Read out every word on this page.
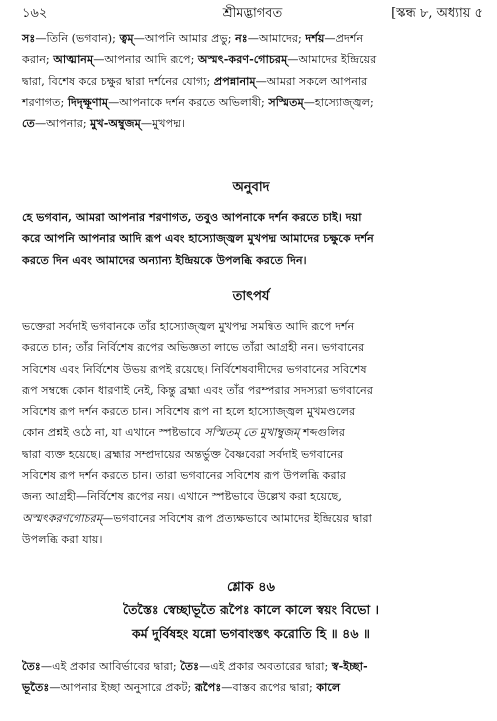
১৬২	শ্রীমদ্ভাগবত	[স্কন্ধ ৮, অধ্যায় ৫

সঃ—তিনি (ভগবান); ত্বম্—আপনি আমার প্রভু; নঃ—আমাদের; দর্শয়—প্রদর্শন

করান; আত্মানম্—আপনার আদি রূপে; অস্মৎ-করণ-গোচরম্—আমাদের ইন্দ্রিয়ের

দ্বারা, বিশেষ করে চক্ষুর দ্বারা দর্শনের যোগ্য; প্রপন্নানাম্—আমরা সকলে আপনার

শরণাগত; দিদৃক্ষূণাম্—আপনাকে দর্শন করতে অভিলাষী; সস্মিতম্—হাস্যোজ্জ্বল;

তে—আপনার; মুখ-অম্বুজম্—মুখপদ্ম।

অনুবাদ

হে ভগবান, আমরা আপনার শরণাগত, তবুও আপনাকে দর্শন করতে চাই। দয়া

করে আপনি আপনার আদি রূপ এবং হাস্যোজ্জ্বল মুখপদ্ম আমাদের চক্ষুকে দর্শন

করতে দিন এবং আমাদের অন্যান্য ইন্দ্রিয়কে উপলব্ধি করতে দিন।

তাৎপর্য

ভক্তেরা সর্বদাই ভগবানকে তাঁর হাস্যোজ্জ্বল মুখপদ্ম সমন্বিত আদি রূপে দর্শন

করতে চান; তাঁর নির্বিশেষ রূপের অভিজ্ঞতা লাভে তাঁরা আগ্রহী নন। ভগবানের

সবিশেষ এবং নির্বিশেষ উভয় রূপই রয়েছে। নির্বিশেষবাদীদের ভগবানের সবিশেষ

রূপ সম্বন্ধে কোন ধারণাই নেই, কিন্তু ব্রহ্মা এবং তাঁর পরম্পরার সদস্যরা ভগবানের

সবিশেষ রূপ দর্শন করতে চান। সবিশেষ রূপ না হলে হাস্যোজ্জ্বল মুখমণ্ডলের

কোন প্রশ্নই ওঠে না, যা এখানে স্পষ্টভাবে সস্মিতম্ তে মুখাম্বুজম্ শব্দগুলির

দ্বারা ব্যক্ত হয়েছে। ব্রহ্মার সম্প্রদায়ের অন্তর্ভুক্ত বৈষ্ণবেরা সর্বদাই ভগবানের

সবিশেষ রূপ দর্শন করতে চান। তারা ভগবানের সবিশেষ রূপ উপলব্ধি করার

জন্য আগ্রহী—নির্বিশেষ রূপের নয়। এখানে স্পষ্টভাবে উল্লেখ করা হয়েছে,

অস্মৎকরণগোচরম্—ভগবানের সবিশেষ রূপ প্রত্যক্ষভাবে আমাদের ইন্দ্রিয়ের দ্বারা

উপলব্ধি করা যায়।

শ্লোক ৪৬
তৈস্তৈঃ স্বেচ্ছাভূতৈ রূপৈঃ কালে কালে স্বয়ং বিভো ।
কর্ম দুর্বিষহং যন্নো ভগবাংস্তৎ করোতি হি ॥ ৪৬ ॥

তৈঃ—এই প্রকার আবির্ভাবের দ্বারা; তৈঃ—এই প্রকার অবতারের দ্বারা; স্ব-ইচ্ছা-

ভূতৈঃ—আপনার ইচ্ছা অনুসারে প্রকট; রূপৈঃ—বাস্তব রূপের দ্বারা; কালে
